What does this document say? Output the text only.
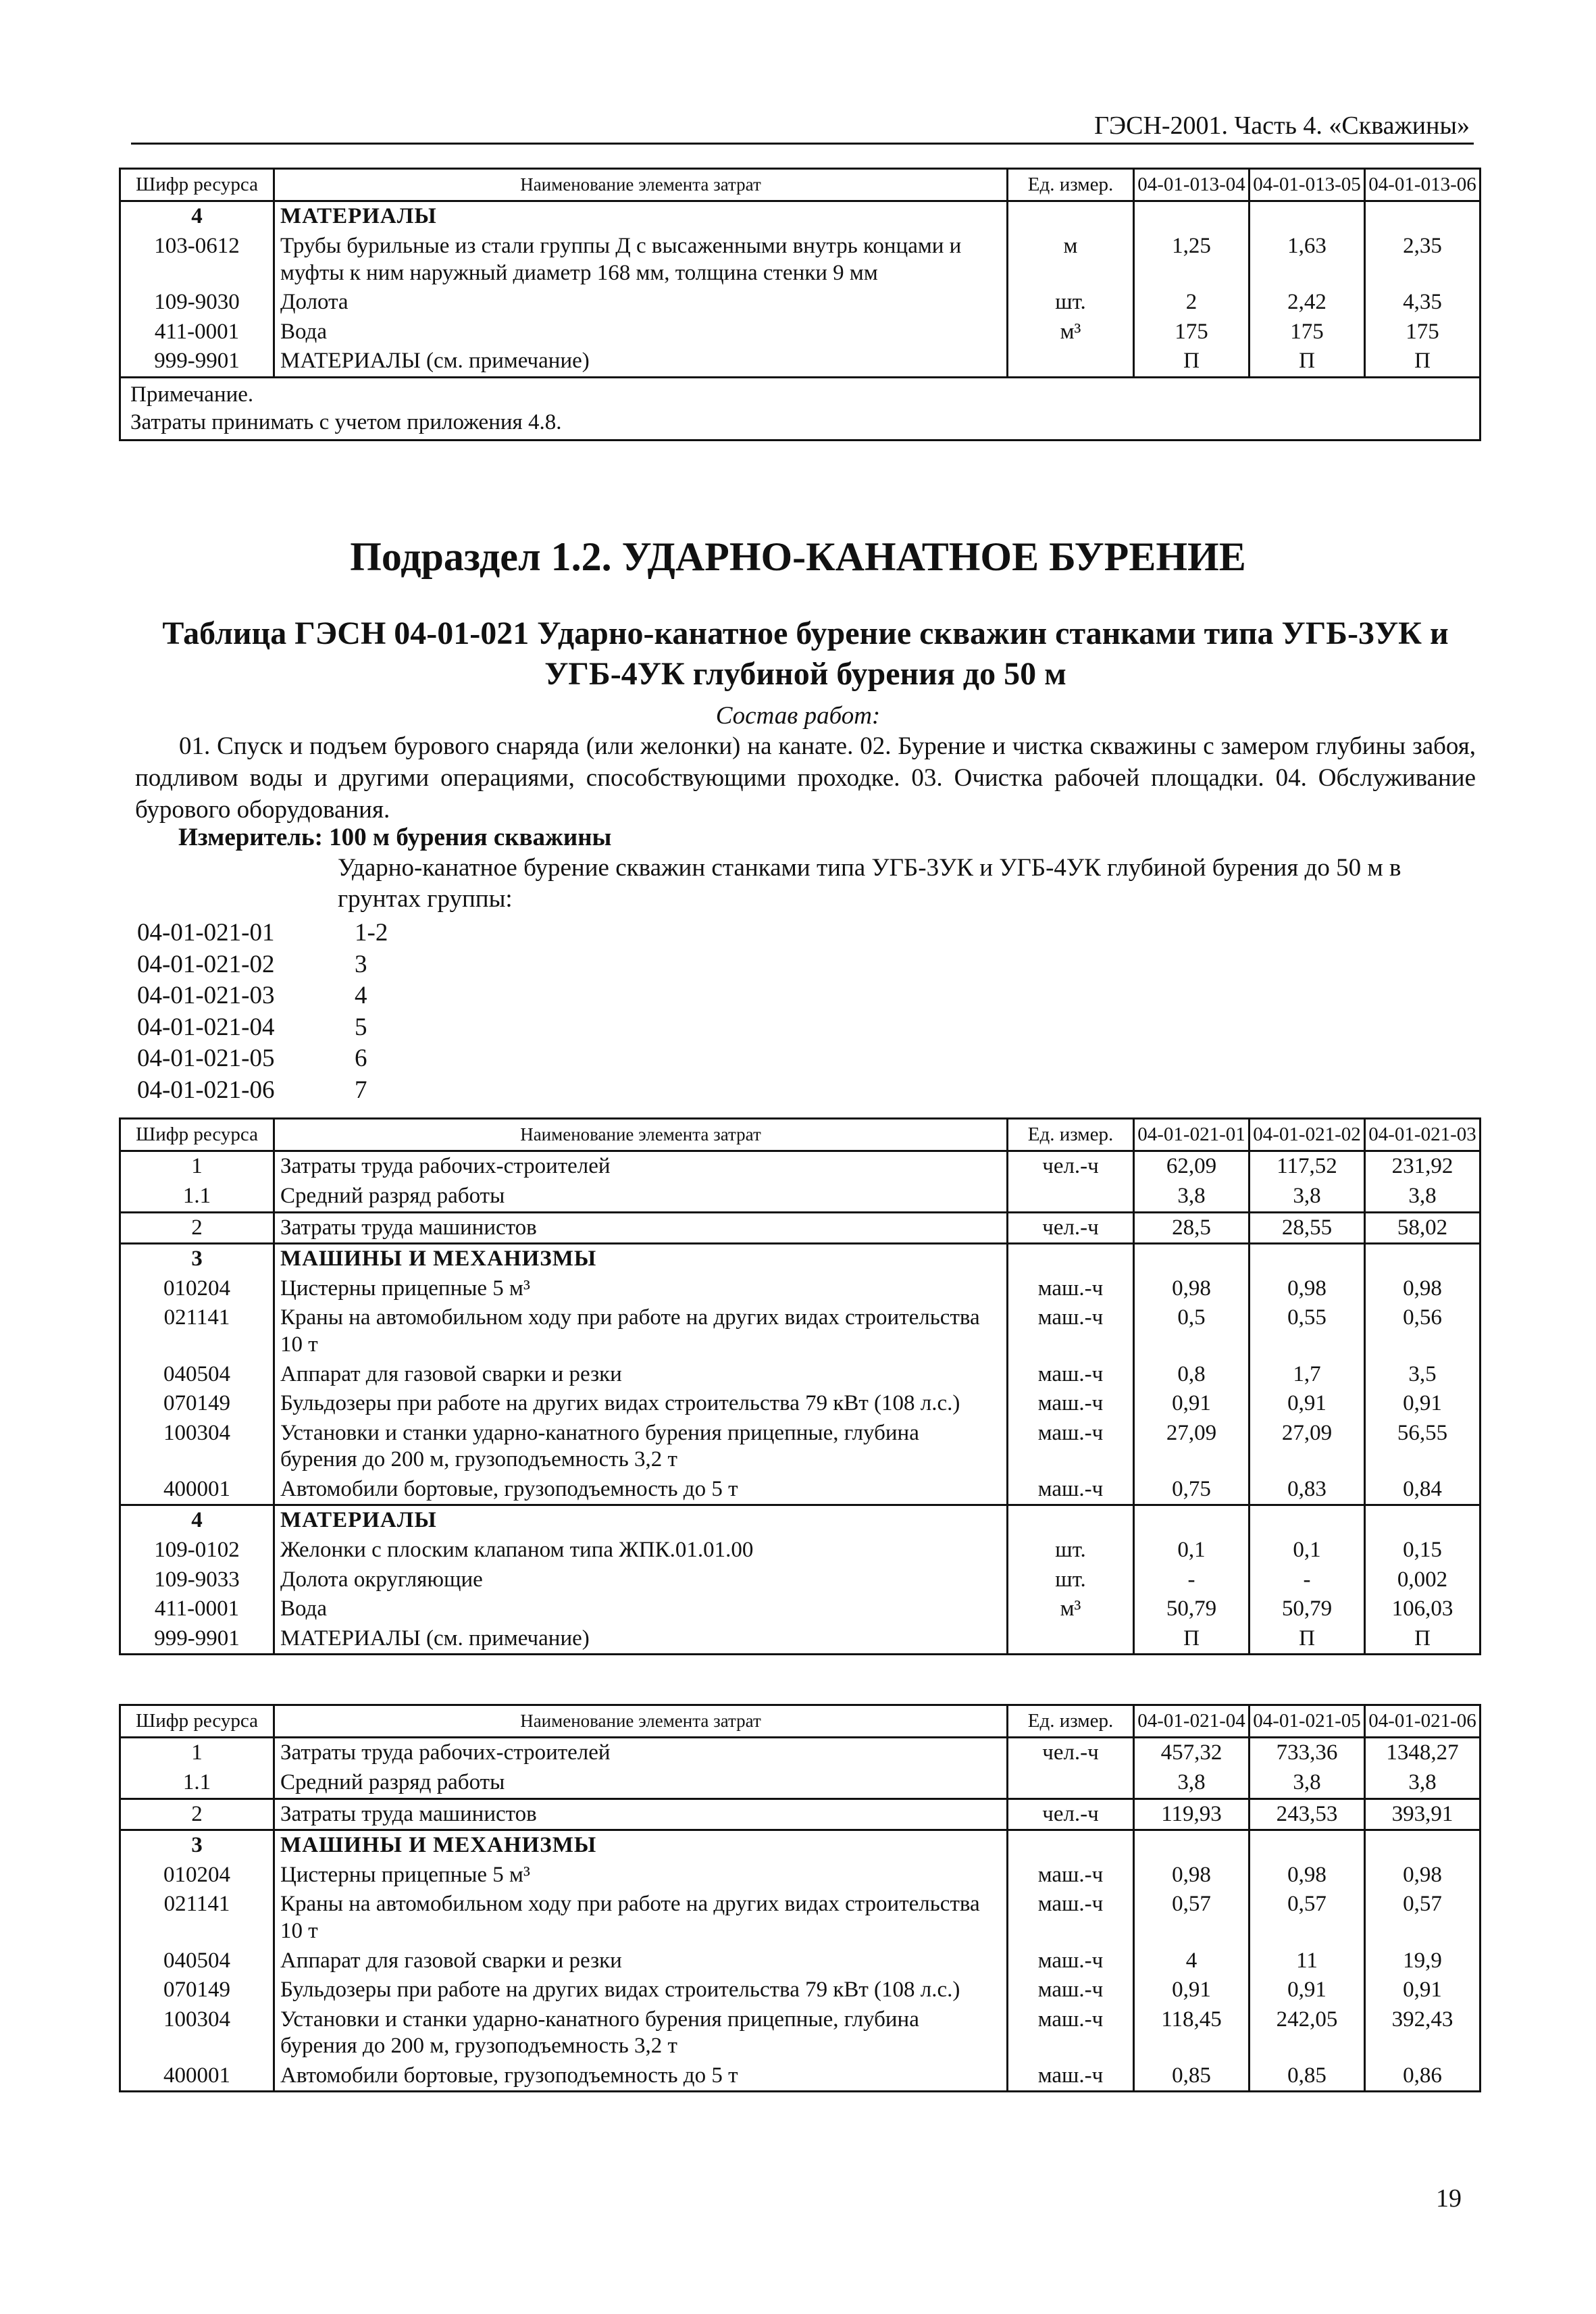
ГЭСН-2001. Часть 4. «Скважины»
Шифр ресурса	Наименование элемента затрат	Ед. измер.	04-01-013-04	04-01-013-05	04-01-013-06
4	МАТЕРИАЛЫ				
103-0612	Трубы бурильные из стали группы Д с высаженными внутрь концами и муфты к ним наружный диаметр 168 мм, толщина стенки 9 мм	м	1,25	1,63	2,35
109-9030	Долота	шт.	2	2,42	4,35
411-0001	Вода	м³	175	175	175
999-9901	МАТЕРИАЛЫ (см. примечание)		П	П	П

Примечание.
Затраты принимать с учетом приложения 4.8.					
Подраздел 1.2. УДАРНО-КАНАТНОЕ БУРЕНИЕ
Таблица ГЭСН 04-01-021 Ударно-канатное бурение скважин станками типа УГБ-3УК и УГБ-4УК глубиной бурения до 50 м
Состав работ:
01. Спуск и подъем бурового снаряда (или желонки) на канате. 02. Бурение и чистка скважины с замером глубины забоя, подливом воды и другими операциями, способствующими проходке. 03. Очистка рабочей площадки. 04. Обслуживание бурового оборудования.
Измеритель: 100 м бурения скважины
Ударно-канатное бурение скважин станками типа УГБ-3УК и УГБ-4УК глубиной бурения до 50 м в грунтах группы:
04-01-021-01	1-2
04-01-021-02	3
04-01-021-03	4
04-01-021-04	5
04-01-021-05	6
04-01-021-06	7
Шифр ресурса	Наименование элемента затрат	Ед. измер.	04-01-021-01	04-01-021-02	04-01-021-03
1	Затраты труда рабочих-строителей	чел.-ч	62,09	117,52	231,92
1.1	Средний разряд работы		3,8	3,8	3,8
2	Затраты труда машинистов	чел.-ч	28,5	28,55	58,02
3	МАШИНЫ И МЕХАНИЗМЫ				
010204	Цистерны прицепные 5 м³	маш.-ч	0,98	0,98	0,98
021141	Краны на автомобильном ходу при работе на других видах строительства 10 т	маш.-ч	0,5	0,55	0,56
040504	Аппарат для газовой сварки и резки	маш.-ч	0,8	1,7	3,5
070149	Бульдозеры при работе на других видах строительства 79 кВт (108 л.с.)	маш.-ч	0,91	0,91	0,91
100304	Установки и станки ударно-канатного бурения прицепные, глубина бурения до 200 м, грузоподъемность 3,2 т	маш.-ч	27,09	27,09	56,55
400001	Автомобили бортовые, грузоподъемность до 5 т	маш.-ч	0,75	0,83	0,84
4	МАТЕРИАЛЫ				
109-0102	Желонки с плоским клапаном типа ЖПК.01.01.00	шт.	0,1	0,1	0,15
109-9033	Долота округляющие	шт.	-	-	0,002
411-0001	Вода	м³	50,79	50,79	106,03
999-9901	МАТЕРИАЛЫ (см. примечание)		П	П	П
Шифр ресурса	Наименование элемента затрат	Ед. измер.	04-01-021-04	04-01-021-05	04-01-021-06
1	Затраты труда рабочих-строителей	чел.-ч	457,32	733,36	1348,27
1.1	Средний разряд работы		3,8	3,8	3,8
2	Затраты труда машинистов	чел.-ч	119,93	243,53	393,91
3	МАШИНЫ И МЕХАНИЗМЫ				
010204	Цистерны прицепные 5 м³	маш.-ч	0,98	0,98	0,98
021141	Краны на автомобильном ходу при работе на других видах строительства 10 т	маш.-ч	0,57	0,57	0,57
040504	Аппарат для газовой сварки и резки	маш.-ч	4	11	19,9
070149	Бульдозеры при работе на других видах строительства 79 кВт (108 л.с.)	маш.-ч	0,91	0,91	0,91
100304	Установки и станки ударно-канатного бурения прицепные, глубина бурения до 200 м, грузоподъемность 3,2 т	маш.-ч	118,45	242,05	392,43
400001	Автомобили бортовые, грузоподъемность до 5 т	маш.-ч	0,85	0,85	0,86
19
